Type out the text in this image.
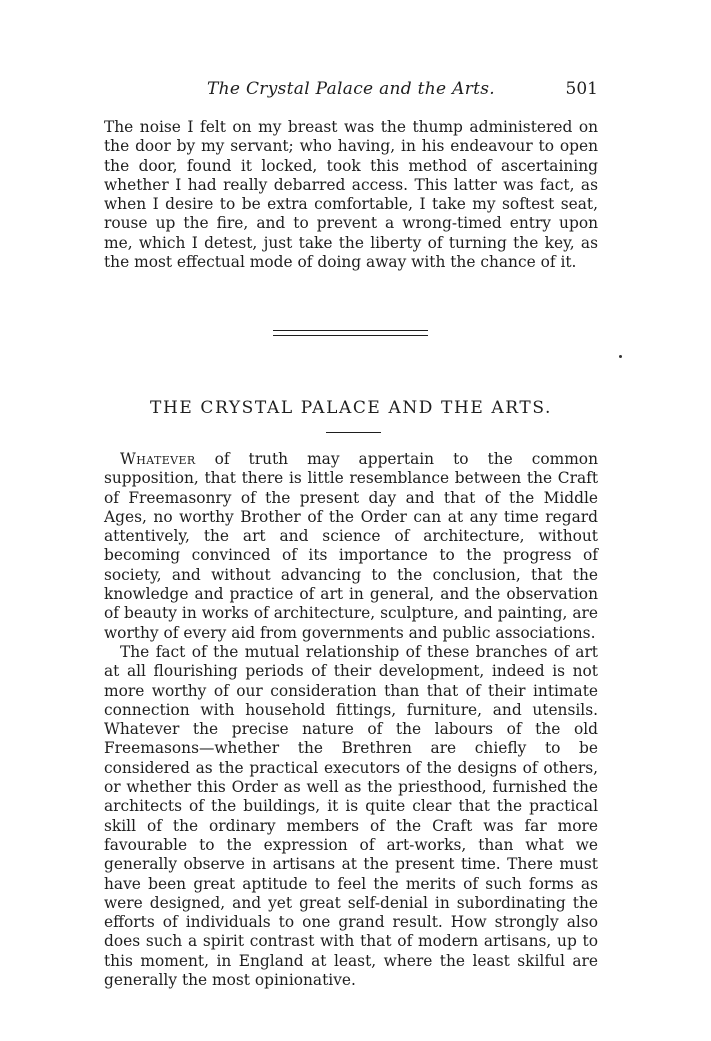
The Crystal Palace and the Arts.	501

The noise I felt on my breast was the thump administered on the door by my servant; who having, in his endeavour to open the door, found it locked, took this method of ascertaining whether I had really debarred access. This latter was fact, as when I desire to be extra comfortable, I take my softest seat, rouse up the fire, and to prevent a wrong-timed entry upon me, which I detest, just take the liberty of turning the key, as the most effectual mode of doing away with the chance of it.

THE CRYSTAL PALACE AND THE ARTS.

Whatever of truth may appertain to the common supposition, that there is little resemblance between the Craft of Freemasonry of the present day and that of the Middle Ages, no worthy Brother of the Order can at any time regard attentively, the art and science of architecture, without becoming convinced of its importance to the progress of society, and without advancing to the conclusion, that the knowledge and practice of art in general, and the observation of beauty in works of architecture, sculpture, and painting, are worthy of every aid from governments and public associations.

The fact of the mutual relationship of these branches of art at all flourishing periods of their development, indeed is not more worthy of our consideration than that of their intimate connection with household fittings, furniture, and utensils. Whatever the precise nature of the labours of the old Freemasons—whether the Brethren are chiefly to be considered as the practical executors of the designs of others, or whether this Order as well as the priesthood, furnished the architects of the buildings, it is quite clear that the practical skill of the ordinary members of the Craft was far more favourable to the expression of art-works, than what we generally observe in artisans at the present time. There must have been great aptitude to feel the merits of such forms as were designed, and yet great self-denial in subordinating the efforts of individuals to one grand result. How strongly also does such a spirit contrast with that of modern artisans, up to this moment, in England at least, where the least skilful are generally the most opinionative.
